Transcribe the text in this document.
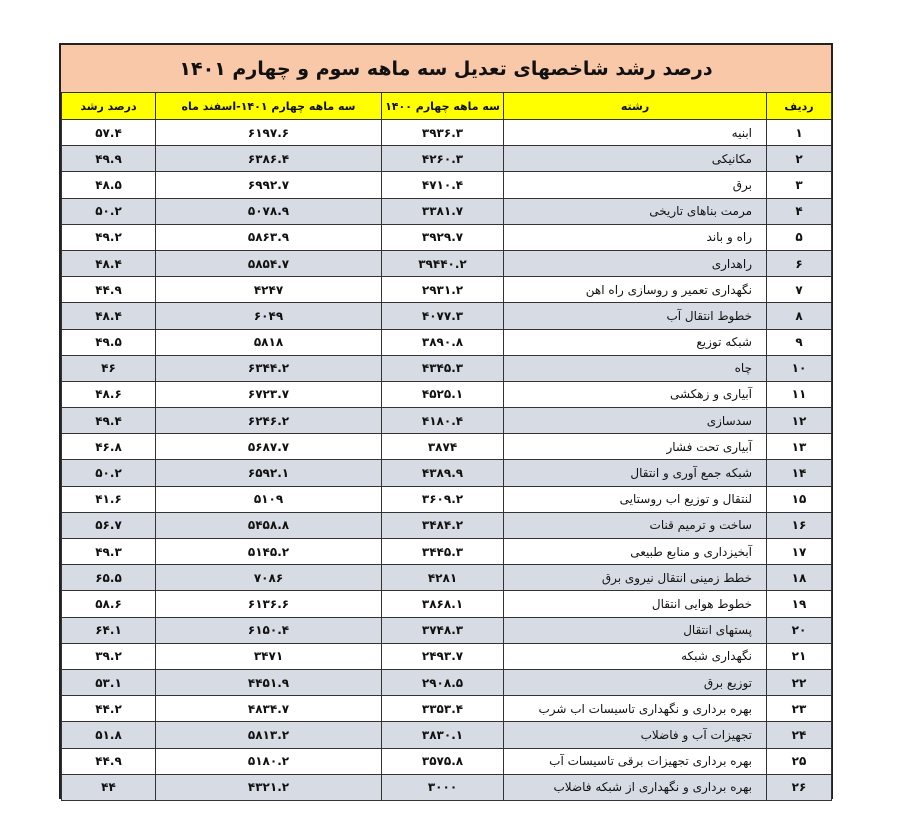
درصد رشد شاخصهای تعدیل سه ماهه سوم و چهارم ۱۴۰۱
ردیف	رشته	سه ماهه چهارم ۱۴۰۰	سه ماهه چهارم ۱۴۰۱-اسفند ماه	درصد رشد
۱	ابنیه	۳۹۳۶.۳	۶۱۹۷.۶	۵۷.۴
۲	مکانیکی	۴۲۶۰.۳	۶۳۸۶.۴	۴۹.۹
۳	برق	۴۷۱۰.۴	۶۹۹۲.۷	۴۸.۵
۴	مرمت بناهای تاریخی	۳۳۸۱.۷	۵۰۷۸.۹	۵۰.۲
۵	راه و باند	۳۹۲۹.۷	۵۸۶۳.۹	۴۹.۲
۶	راهداری	۳۹۴۴۰.۲	۵۸۵۴.۷	۴۸.۴
۷	نگهداری تعمیر و روسازی راه اهن	۲۹۳۱.۲	۴۲۴۷	۴۴.۹
۸	خطوط انتقال آب	۴۰۷۷.۳	۶۰۴۹	۴۸.۴
۹	شبکه توزیع	۳۸۹۰.۸	۵۸۱۸	۴۹.۵
۱۰	چاه	۴۳۴۵.۳	۶۳۴۴.۲	۴۶
۱۱	آبیاری و زهکشی	۴۵۲۵.۱	۶۷۲۳.۷	۴۸.۶
۱۲	سدسازی	۴۱۸۰.۴	۶۲۴۶.۲	۴۹.۴
۱۳	آبیاری تحت فشار	۳۸۷۴	۵۶۸۷.۷	۴۶.۸
۱۴	شبکه جمع آوری و انتقال	۴۳۸۹.۹	۶۵۹۲.۱	۵۰.۲
۱۵	لنتقال و توزیع اب روستایی	۳۶۰۹.۲	۵۱۰۹	۴۱.۶
۱۶	ساخت و ترمیم قنات	۳۴۸۴.۲	۵۴۵۸.۸	۵۶.۷
۱۷	آبخیزداری و منابع طبیعی	۳۴۴۵.۳	۵۱۴۵.۲	۴۹.۳
۱۸	خطط زمینی انتقال نیروی برق	۴۲۸۱	۷۰۸۶	۶۵.۵
۱۹	خطوط هوایی انتقال	۳۸۶۸.۱	۶۱۳۶.۶	۵۸.۶
۲۰	پستهای انتقال	۳۷۴۸.۳	۶۱۵۰.۴	۶۴.۱
۲۱	نگهداری شبکه	۲۴۹۳.۷	۳۴۷۱	۳۹.۲
۲۲	توزیع برق	۲۹۰۸.۵	۴۴۵۱.۹	۵۳.۱
۲۳	بهره برداری و نگهداری تاسیسات اب شرب	۳۳۵۳.۴	۴۸۳۴.۷	۴۴.۲
۲۴	تجهیزات آب و فاضلاب	۳۸۳۰.۱	۵۸۱۳.۲	۵۱.۸
۲۵	بهره برداری تجهیزات برقی تاسیسات آب	۳۵۷۵.۸	۵۱۸۰.۲	۴۴.۹
۲۶	بهره برداری و نگهداری از شبکه فاضلاب	۳۰۰۰	۴۳۲۱.۲	۴۴
